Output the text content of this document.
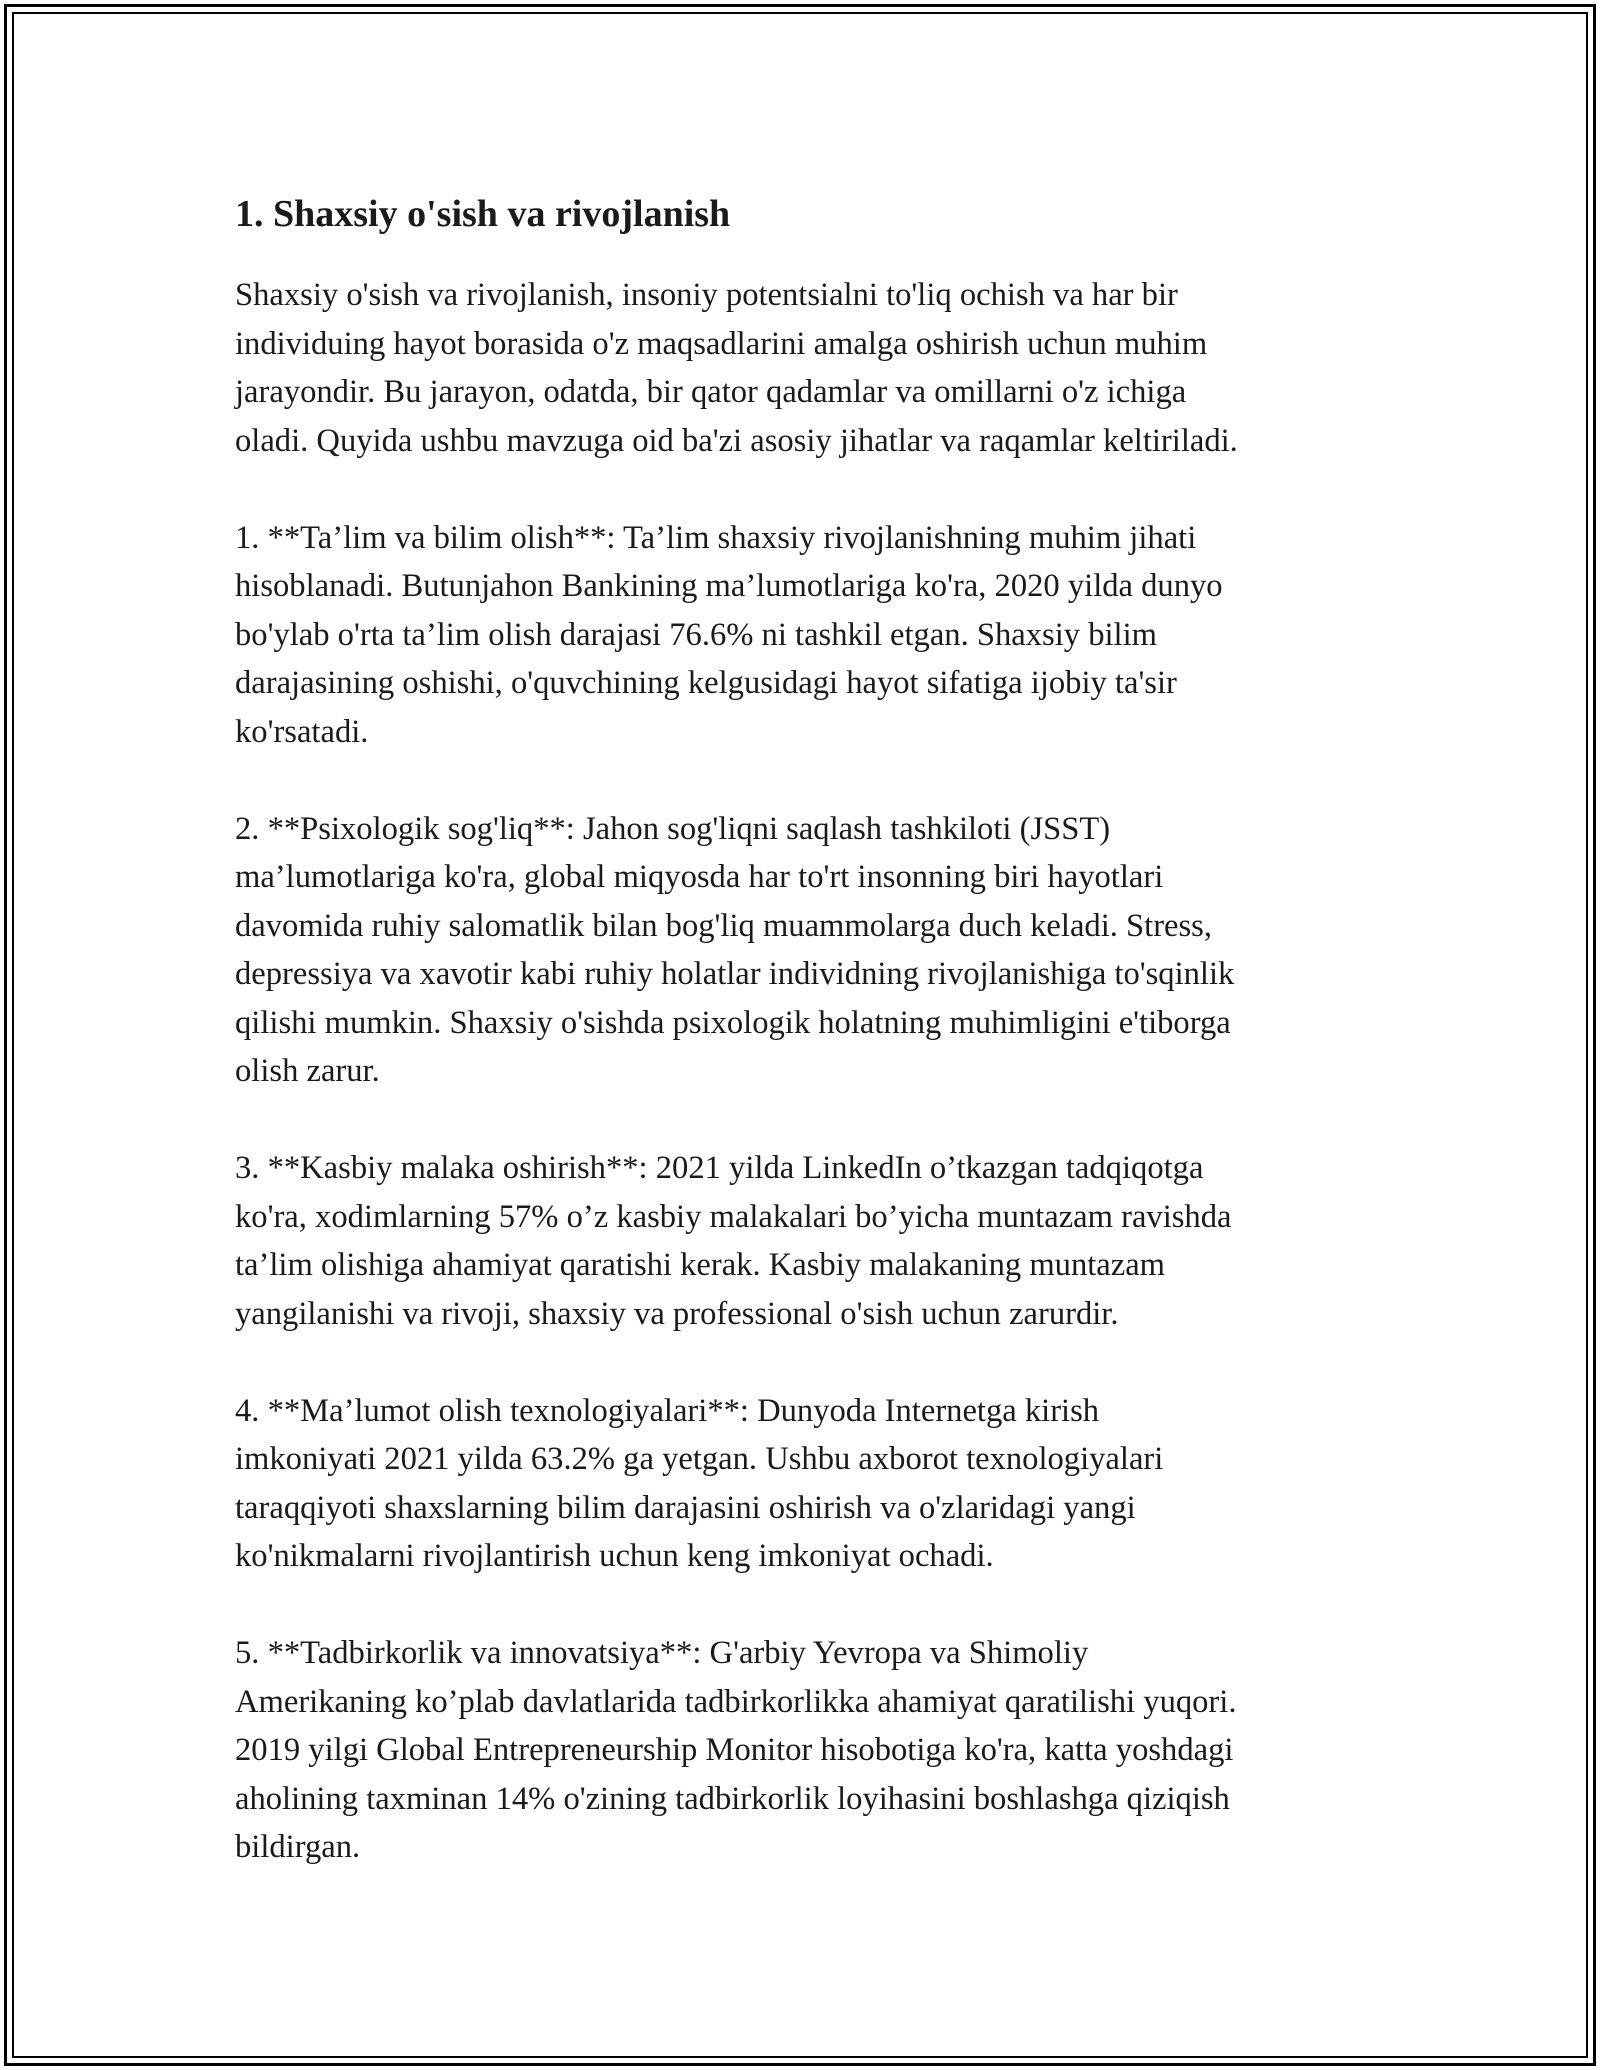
1. Shaxsiy o'sish va rivojlanish

Shaxsiy o'sish va rivojlanish, insoniy potentsialni to'liq ochish va har bir
individuing hayot borasida o'z maqsadlarini amalga oshirish uchun muhim
jarayondir. Bu jarayon, odatda, bir qator qadamlar va omillarni o'z ichiga
oladi. Quyida ushbu mavzuga oid ba'zi asosiy jihatlar va raqamlar keltiriladi.

1. **Ta’lim va bilim olish**: Ta’lim shaxsiy rivojlanishning muhim jihati
hisoblanadi. Butunjahon Bankining ma’lumotlariga ko'ra, 2020 yilda dunyo
bo'ylab o'rta ta’lim olish darajasi 76.6% ni tashkil etgan. Shaxsiy bilim
darajasining oshishi, o'quvchining kelgusidagi hayot sifatiga ijobiy ta'sir
ko'rsatadi.

2. **Psixologik sog'liq**: Jahon sog'liqni saqlash tashkiloti (JSST)
ma’lumotlariga ko'ra, global miqyosda har to'rt insonning biri hayotlari
davomida ruhiy salomatlik bilan bog'liq muammolarga duch keladi. Stress,
depressiya va xavotir kabi ruhiy holatlar individning rivojlanishiga to'sqinlik
qilishi mumkin. Shaxsiy o'sishda psixologik holatning muhimligini e'tiborga
olish zarur.

3. **Kasbiy malaka oshirish**: 2021 yilda LinkedIn o’tkazgan tadqiqotga
ko'ra, xodimlarning 57% o’z kasbiy malakalari bo’yicha muntazam ravishda
ta’lim olishiga ahamiyat qaratishi kerak. Kasbiy malakaning muntazam
yangilanishi va rivoji, shaxsiy va professional o'sish uchun zarurdir.

4. **Ma’lumot olish texnologiyalari**: Dunyoda Internetga kirish
imkoniyati 2021 yilda 63.2% ga yetgan. Ushbu axborot texnologiyalari
taraqqiyoti shaxslarning bilim darajasini oshirish va o'zlaridagi yangi
ko'nikmalarni rivojlantirish uchun keng imkoniyat ochadi.

5. **Tadbirkorlik va innovatsiya**: G'arbiy Yevropa va Shimoliy
Amerikaning ko’plab davlatlarida tadbirkorlikka ahamiyat qaratilishi yuqori.
2019 yilgi Global Entrepreneurship Monitor hisobotiga ko'ra, katta yoshdagi
aholining taxminan 14% o'zining tadbirkorlik loyihasini boshlashga qiziqish
bildirgan.
